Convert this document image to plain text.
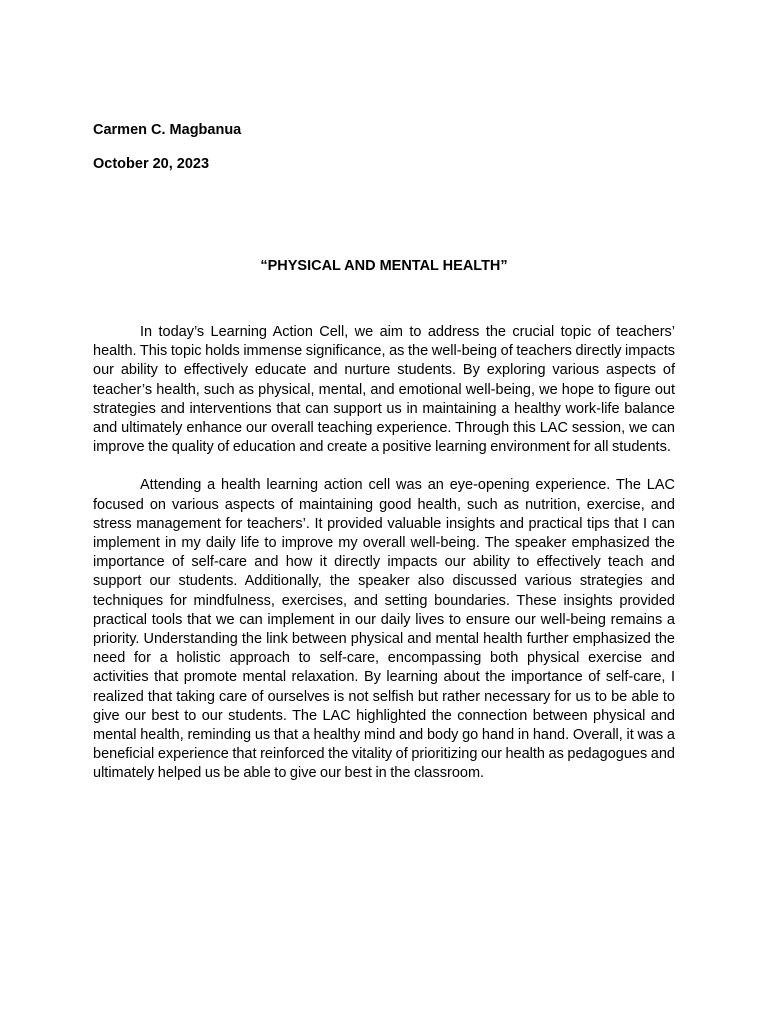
Carmen C. Magbanua

October 20, 2023

“PHYSICAL AND MENTAL HEALTH”

In today’s Learning Action Cell, we aim to address the crucial topic of teachers’ health. This topic holds immense significance, as the well-being of teachers directly impacts our ability to effectively educate and nurture students. By exploring various aspects of teacher’s health, such as physical, mental, and emotional well-being, we hope to figure out strategies and interventions that can support us in maintaining a healthy work-life balance and ultimately enhance our overall teaching experience. Through this LAC session, we can improve the quality of education and create a positive learning environment for all students.

Attending a health learning action cell was an eye-opening experience. The LAC focused on various aspects of maintaining good health, such as nutrition, exercise, and stress management for teachers’. It provided valuable insights and practical tips that I can implement in my daily life to improve my overall well-being. The speaker emphasized the importance of self-care and how it directly impacts our ability to effectively teach and support our students. Additionally, the speaker also discussed various strategies and techniques for mindfulness, exercises, and setting boundaries. These insights provided practical tools that we can implement in our daily lives to ensure our well-being remains a priority. Understanding the link between physical and mental health further emphasized the need for a holistic approach to self-care, encompassing both physical exercise and activities that promote mental relaxation. By learning about the importance of self-care, I realized that taking care of ourselves is not selfish but rather necessary for us to be able to give our best to our students. The LAC highlighted the connection between physical and mental health, reminding us that a healthy mind and body go hand in hand. Overall, it was a beneficial experience that reinforced the vitality of prioritizing our health as pedagogues and ultimately helped us be able to give our best in the classroom.
